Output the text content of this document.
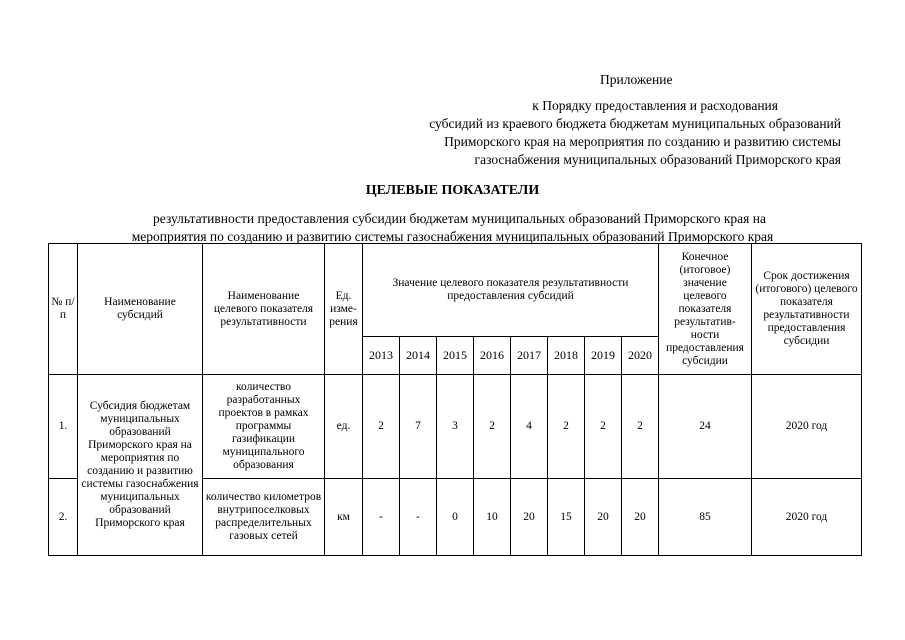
Приложение
к Порядку предоставления и расходования
субсидий из краевого бюджета бюджетам муниципальных образований
Приморского края на мероприятия по созданию и развитию системы
газоснабжения муниципальных образований Приморского края
ЦЕЛЕВЫЕ ПОКАЗАТЕЛИ
результативности предоставления субсидии бюджетам муниципальных образований Приморского края на
мероприятия по созданию и развитию системы газоснабжения муниципальных образований Приморского края
№ п/п	Наименование субсидий	Наименование целевого показателя результативности	Ед. изме-рения	Значение целевого показателя результативности предоставления субсидий								Конечное (итоговое) значение целевого показателя результатив-ности предоставления субсидии	Срок достижения (итогового) целевого показателя результативности предоставления субсидии
				2013	2014	2015	2016	2017	2018	2019	2020		
1.	Субсидия бюджетам муниципальных образований Приморского края на мероприятия по созданию и развитию системы газоснабжения муниципальных образований Приморского края	количество разработанных проектов в рамках программы газификации муниципального образования	ед.	2	7	3	2	4	2	2	2	24	2020 год
2.		количество километров внутрипоселковых распределительных газовых сетей	км	-	-	0	10	20	15	20	20	85	2020 год
